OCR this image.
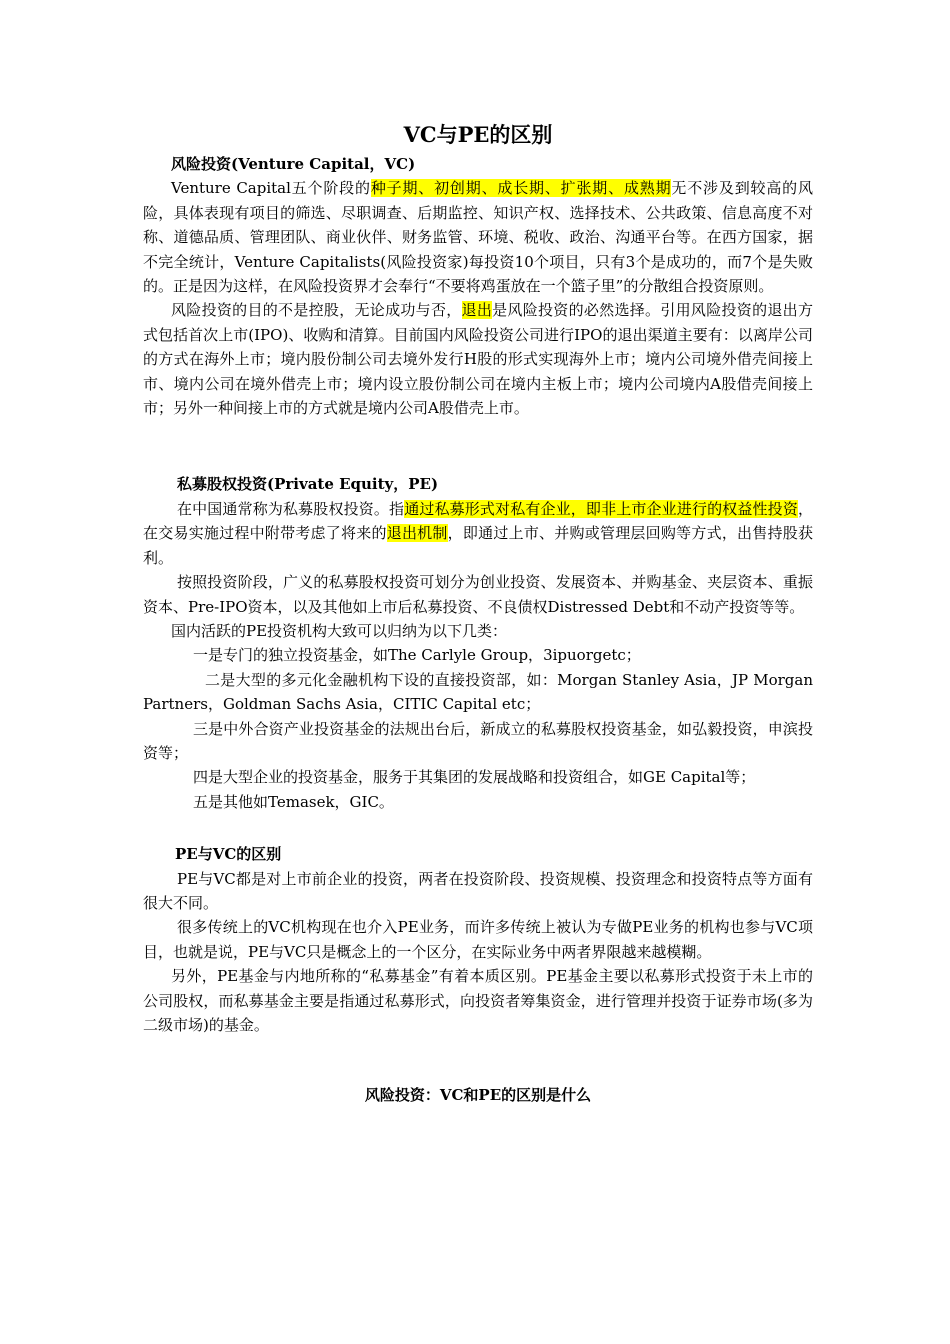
VC与PE的区别
风险投资(Venture Capital，VC)

Venture Capital五个阶段的种子期、初创期、成长期、扩张期、成熟期无不涉及到较高的风险，具体表现有项目的筛选、尽职调查、后期监控、知识产权、选择技术、公共政策、信息高度不对称、道德品质、管理团队、商业伙伴、财务监管、环境、税收、政治、沟通平台等。在西方国家，据不完全统计，Venture Capitalists(风险投资家)每投资10个项目，只有3个是成功的，而7个是失败的。正是因为这样，在风险投资界才会奉行“不要将鸡蛋放在一个篮子里”的分散组合投资原则。

风险投资的目的不是控股，无论成功与否，退出是风险投资的必然选择。引用风险投资的退出方式包括首次上市(IPO)、收购和清算。目前国内风险投资公司进行IPO的退出渠道主要有：以离岸公司的方式在海外上市；境内股份制公司去境外发行H股的形式实现海外上市；境内公司境外借壳间接上市、境内公司在境外借壳上市；境内设立股份制公司在境内主板上市；境内公司境内A股借壳间接上市；另外一种间接上市的方式就是境内公司A股借壳上市。

私募股权投资(Private Equity，PE)

在中国通常称为私募股权投资。指通过私募形式对私有企业，即非上市企业进行的权益性投资，在交易实施过程中附带考虑了将来的退出机制，即通过上市、并购或管理层回购等方式，出售持股获利。

按照投资阶段，广义的私募股权投资可划分为创业投资、发展资本、并购基金、夹层资本、重振资本、Pre-IPO资本，以及其他如上市后私募投资、不良债权Distressed Debt和不动产投资等等。

国内活跃的PE投资机构大致可以归纳为以下几类：

一是专门的独立投资基金，如The Carlyle Group，3ipuorgetc；

二是大型的多元化金融机构下设的直接投资部，如：Morgan Stanley Asia，JP Morgan Partners，Goldman Sachs Asia，CITIC Capital etc；

三是中外合资产业投资基金的法规出台后，新成立的私募股权投资基金，如弘毅投资，申滨投资等；

四是大型企业的投资基金，服务于其集团的发展战略和投资组合，如GE Capital等；

五是其他如Temasek，GIC。

PE与VC的区别

PE与VC都是对上市前企业的投资，两者在投资阶段、投资规模、投资理念和投资特点等方面有很大不同。

很多传统上的VC机构现在也介入PE业务，而许多传统上被认为专做PE业务的机构也参与VC项目，也就是说，PE与VC只是概念上的一个区分，在实际业务中两者界限越来越模糊。

另外，PE基金与内地所称的“私募基金”有着本质区别。PE基金主要以私募形式投资于未上市的公司股权，而私募基金主要是指通过私募形式，向投资者筹集资金，进行管理并投资于证券市场(多为二级市场)的基金。

风险投资：VC和PE的区别是什么
